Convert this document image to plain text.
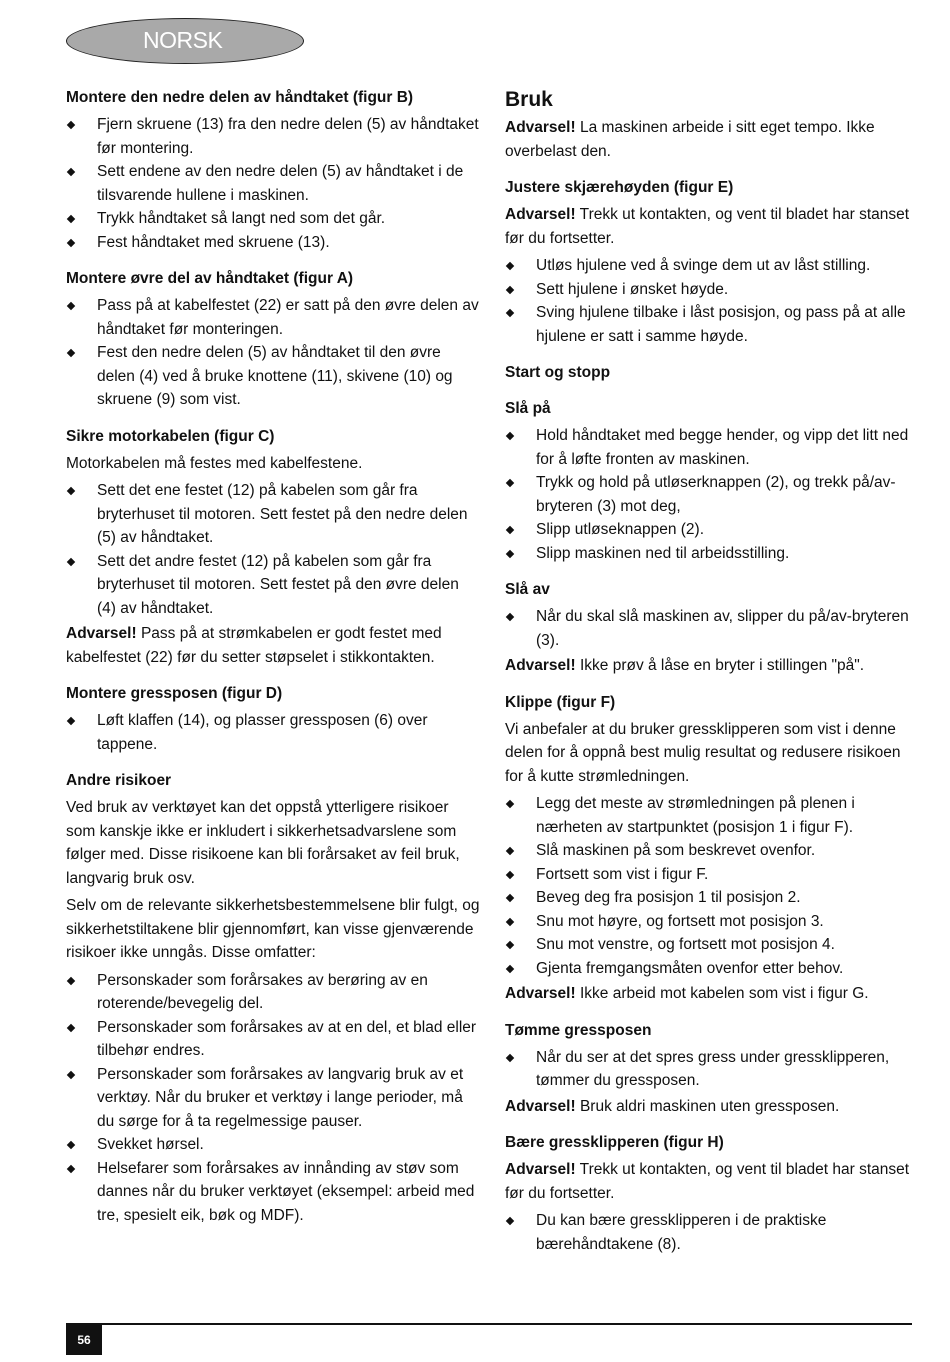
NORSK
Montere den nedre delen av håndtaket (figur B)
Fjern skruene (13) fra den nedre delen (5) av håndtaket før montering.
Sett endene av den nedre delen (5) av håndtaket i de tilsvarende hullene i maskinen.
Trykk håndtaket så langt ned som det går.
Fest håndtaket med skruene (13).
Montere øvre del av håndtaket (figur A)
Pass på at kabelfestet (22) er satt på den øvre delen av håndtaket før monteringen.
Fest den nedre delen (5) av håndtaket til den øvre delen (4) ved å bruke knottene (11), skivene (10) og skruene (9) som vist.
Sikre motorkabelen (figur C)

Motorkabelen må festes med kabelfestene.

Sett det ene festet (12) på kabelen som går fra bryterhuset til motoren. Sett festet på den nedre delen (5) av håndtaket.
Sett det andre festet (12) på kabelen som går fra bryterhuset til motoren. Sett festet på den øvre delen (4) av håndtaket.

Advarsel! Pass på at strømkabelen er godt festet med kabelfestet (22) før du setter støpselet i stikkontakten.

Montere gressposen (figur D)
Løft klaffen (14), og plasser gressposen (6) over tappene.
Andre risikoer

Ved bruk av verktøyet kan det oppstå ytterligere risikoer som kanskje ikke er inkludert i sikkerhetsadvarslene som følger med. Disse risikoene kan bli forårsaket av feil bruk, langvarig bruk osv.

Selv om de relevante sikkerhetsbestemmelsene blir fulgt, og sikkerhetstiltakene blir gjennomført, kan visse gjenværende risikoer ikke unngås. Disse omfatter:

Personskader som forårsakes av berøring av en roterende/bevegelig del.
Personskader som forårsakes av at en del, et blad eller tilbehør endres.
Personskader som forårsakes av langvarig bruk av et verktøy. Når du bruker et verktøy i lange perioder, må du sørge for å ta regelmessige pauser.
Svekket hørsel.
Helsefarer som forårsakes av innånding av støv som dannes når du bruker verktøyet (eksempel: arbeid med tre, spesielt eik, bøk og MDF).
Bruk

Advarsel! La maskinen arbeide i sitt eget tempo. Ikke overbelast den.

Justere skjærehøyden (figur E)

Advarsel! Trekk ut kontakten, og vent til bladet har stanset før du fortsetter.

Utløs hjulene ved å svinge dem ut av låst stilling.
Sett hjulene i ønsket høyde.
Sving hjulene tilbake i låst posisjon, og pass på at alle hjulene er satt i samme høyde.
Start og stopp
Slå på
Hold håndtaket med begge hender, og vipp det litt ned for å løfte fronten av maskinen.
Trykk og hold på utløserknappen (2), og trekk på/av-bryteren (3) mot deg,
Slipp utløseknappen (2).
Slipp maskinen ned til arbeidsstilling.
Slå av
Når du skal slå maskinen av, slipper du på/av-bryteren (3).

Advarsel! Ikke prøv å låse en bryter i stillingen "på".

Klippe (figur F)

Vi anbefaler at du bruker gressklipperen som vist i denne delen for å oppnå best mulig resultat og redusere risikoen for å kutte strømledningen.

Legg det meste av strømledningen på plenen i nærheten av startpunktet (posisjon 1 i figur F).
Slå maskinen på som beskrevet ovenfor.
Fortsett som vist i figur F.
Beveg deg fra posisjon 1 til posisjon 2.
Snu mot høyre, og fortsett mot posisjon 3.
Snu mot venstre, og fortsett mot posisjon 4.
Gjenta fremgangsmåten ovenfor etter behov.

Advarsel! Ikke arbeid mot kabelen som vist i figur G.

Tømme gressposen
Når du ser at det spres gress under gressklipperen, tømmer du gressposen.

Advarsel! Bruk aldri maskinen uten gressposen.

Bære gressklipperen (figur H)

Advarsel! Trekk ut kontakten, og vent til bladet har stanset før du fortsetter.

Du kan bære gressklipperen i de praktiske bærehåndtakene (8).
56
